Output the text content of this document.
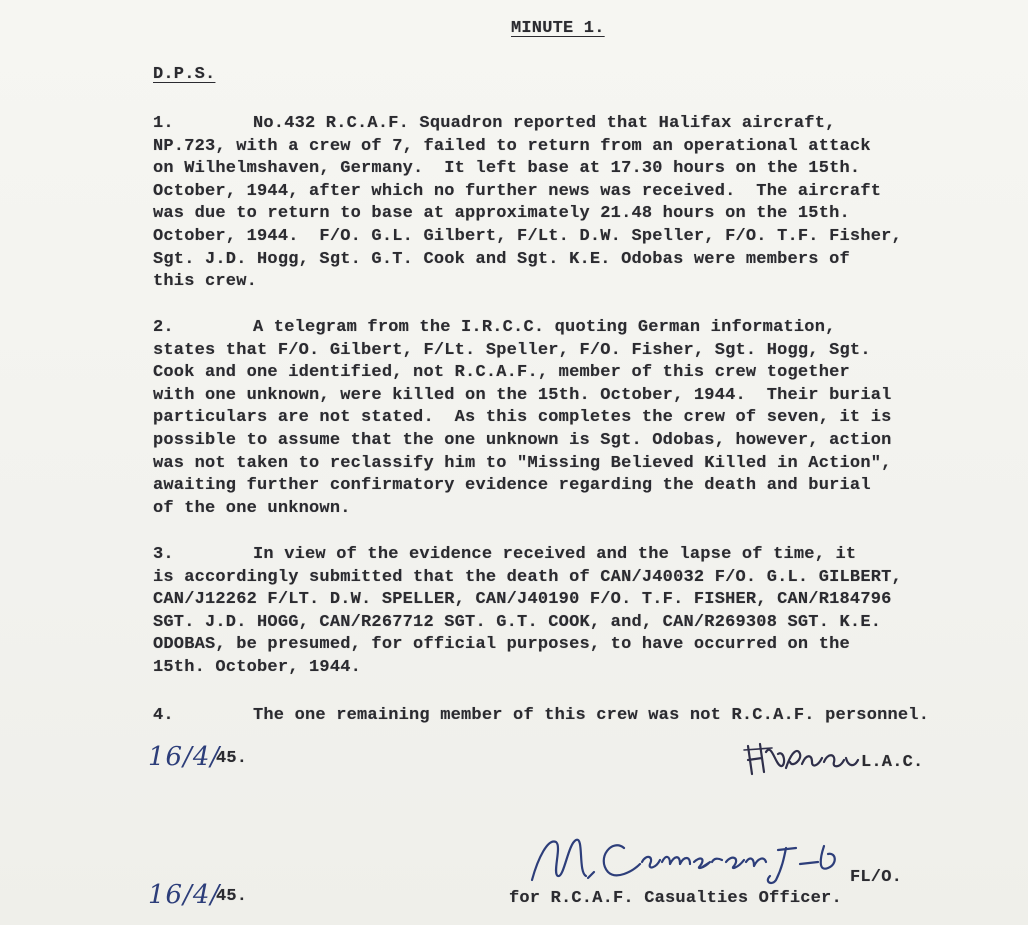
MINUTE 1.
D.P.S.
1.	No.432 R.C.A.F. Squadron reported that Halifax aircraft,
NP.723, with a crew of 7, failed to return from an operational attack
on Wilhelmshaven, Germany.  It left base at 17.30 hours on the 15th.
October, 1944, after which no further news was received.  The aircraft
was due to return to base at approximately 21.48 hours on the 15th.
October, 1944.  F/O. G.L. Gilbert, F/Lt. D.W. Speller, F/O. T.F. Fisher,
Sgt. J.D. Hogg, Sgt. G.T. Cook and Sgt. K.E. Odobas were members of
this crew.
2.	A telegram from the I.R.C.C. quoting German information,
states that F/O. Gilbert, F/Lt. Speller, F/O. Fisher, Sgt. Hogg, Sgt.
Cook and one identified, not R.C.A.F., member of this crew together
with one unknown, were killed on the 15th. October, 1944.  Their burial
particulars are not stated.  As this completes the crew of seven, it is
possible to assume that the one unknown is Sgt. Odobas, however, action
was not taken to reclassify him to "Missing Believed Killed in Action",
awaiting further confirmatory evidence regarding the death and burial
of the one unknown.
3.	In view of the evidence received and the lapse of time, it
is accordingly submitted that the death of CAN/J40032 F/O. G.L. GILBERT,
CAN/J12262 F/LT. D.W. SPELLER, CAN/J40190 F/O. T.F. FISHER, CAN/R184796
SGT. J.D. HOGG, CAN/R267712 SGT. G.T. COOK, and, CAN/R269308 SGT. K.E.
ODOBAS, be presumed, for official purposes, to have occurred on the
15th. October, 1944.
4.	The one remaining member of this crew was not R.C.A.F. personnel.
16/4/
45.	L.A.C.
FL/O.
16/4/
45.	for R.C.A.F. Casualties Officer.
